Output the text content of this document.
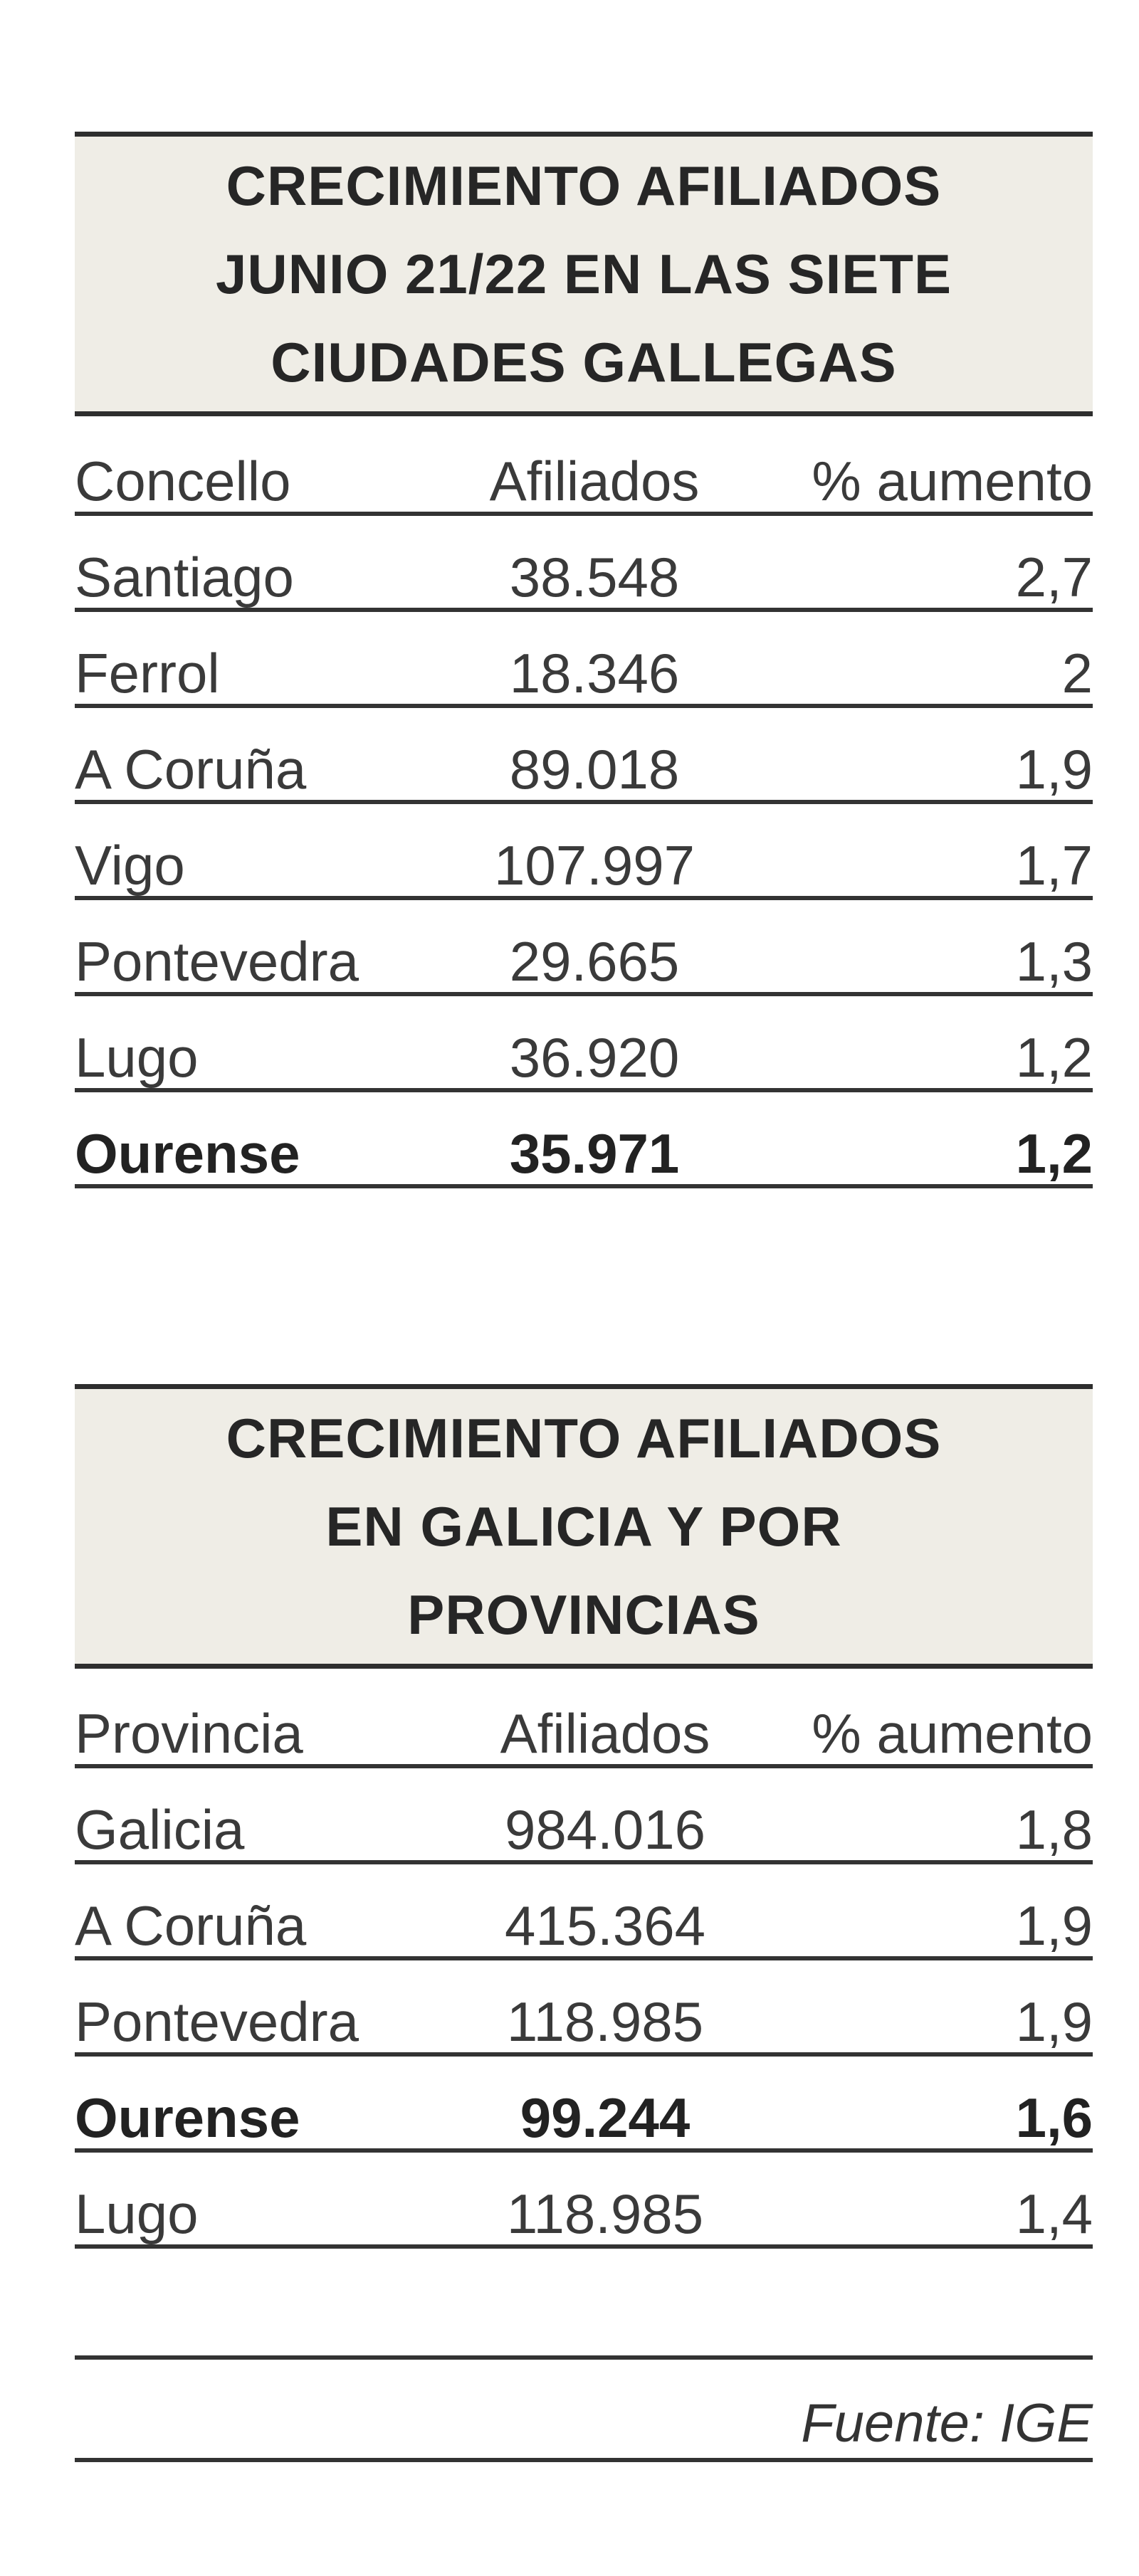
CRECIMIENTO AFILIADOS
JUNIO 21/22 EN LAS SIETE
CIUDADES GALLEGAS

Concello	Afiliados	% aumento
Santiago	38.548	2,7
Ferrol	18.346	2
A Coruña	89.018	1,9
Vigo	107.997	1,7
Pontevedra	29.665	1,3
Lugo	36.920	1,2
Ourense	35.971	1,2

CRECIMIENTO AFILIADOS
EN GALICIA Y POR
PROVINCIAS

Provincia	Afiliados	% aumento
Galicia	984.016	1,8
A Coruña	415.364	1,9
Pontevedra	118.985	1,9
Ourense	99.244	1,6
Lugo	118.985	1,4
Fuente: IGE
